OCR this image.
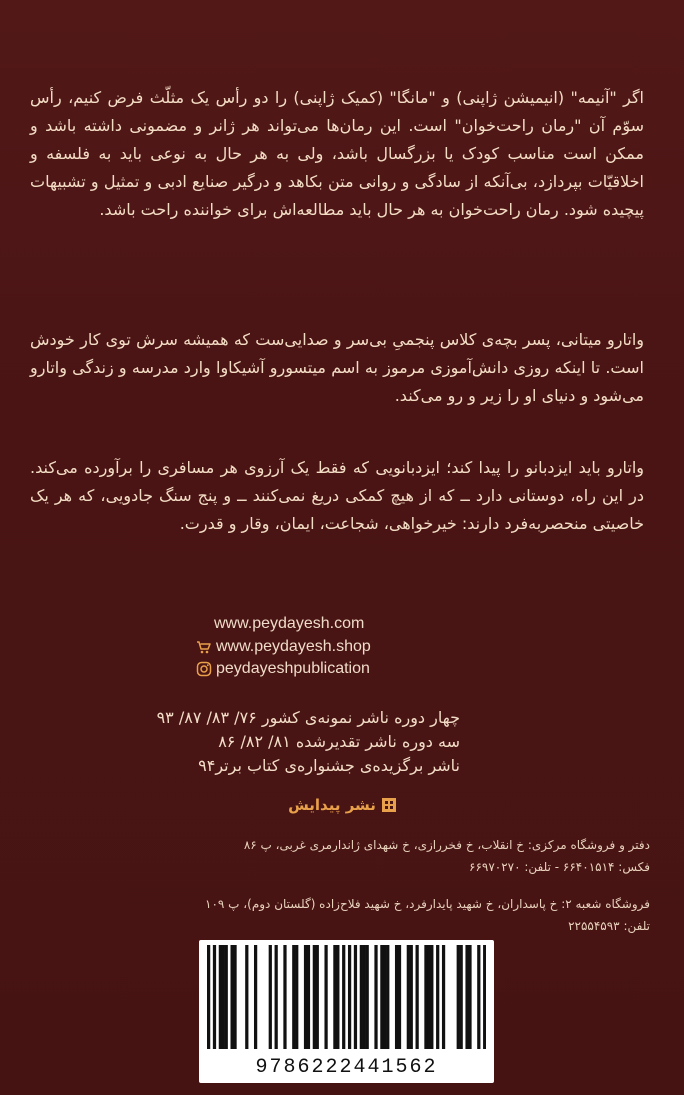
اگر "آنیمه" (انیمیشن ژاپنی) و "مانگا" (کمیک ژاپنی) را دو رأس یک مثلّث فرض کنیم، رأس سوّم آن "رمان راحت‌خوان" است. این رمان‌ها می‌تواند هر ژانر و مضمونی داشته باشد و ممکن است مناسب کودک یا بزرگسال باشد، ولی به هر حال به نوعی باید به فلسفه و اخلاقیّات بپردازد، بی‌آنکه از سادگی و روانی متن بکاهد و درگیر صنایع ادبی و تمثیل و تشبیهات پیچیده شود. رمان راحت‌خوان به هر حال باید مطالعه‌اش برای خواننده راحت باشد.

واتارو میتانی، پسر بچه‌ی کلاس پنجمیِ بی‌سر و صدایی‌ست که همیشه سرش توی کار خودش است. تا اینکه روزی دانش‌آموزی مرموز به اسم میتسورو آشیکاوا وارد مدرسه و زندگی واتارو می‌شود و دنیای او را زیر و رو می‌کند.

واتارو باید ایزدبانو را پیدا کند؛ ایزدبانویی که فقط یک آرزوی هر مسافری را برآورده می‌کند. در این راه، دوستانی دارد ــ که از هیچ کمکی دریغ نمی‌کنند ــ و پنج سنگ جادویی، که هر یک خاصیتی منحصربه‌فرد دارند: خیرخواهی، شجاعت، ایمان، وقار و قدرت.

www.peydayesh.com
www.peydayesh.shop
peydayeshpublication
چهار دوره ناشر نمونه‌ی کشور ۷۶/ ۸۳/ ۸۷/ ۹۳
سه دوره ناشر تقدیرشده ۸۱/ ۸۲/ ۸۶
ناشر برگزیده‌ی جشنواره‌ی کتاب برتر۹۴
نشر پیدایش
دفتر و فروشگاه مرکزی: خ انقلاب، خ فخررازی، خ شهدای ژاندارمری غربی، پ ۸۶
فکس: ۶۶۴۰۱۵۱۴ - تلفن: ۶۶۹۷۰۲۷۰
فروشگاه شعبه ۲: خ پاسداران، خ شهید پایدارفرد، خ شهید فلاح‌زاده (گلستان دوم)، پ ۱۰۹
تلفن: ۲۲۵۵۴۵۹۳
9786222441562
